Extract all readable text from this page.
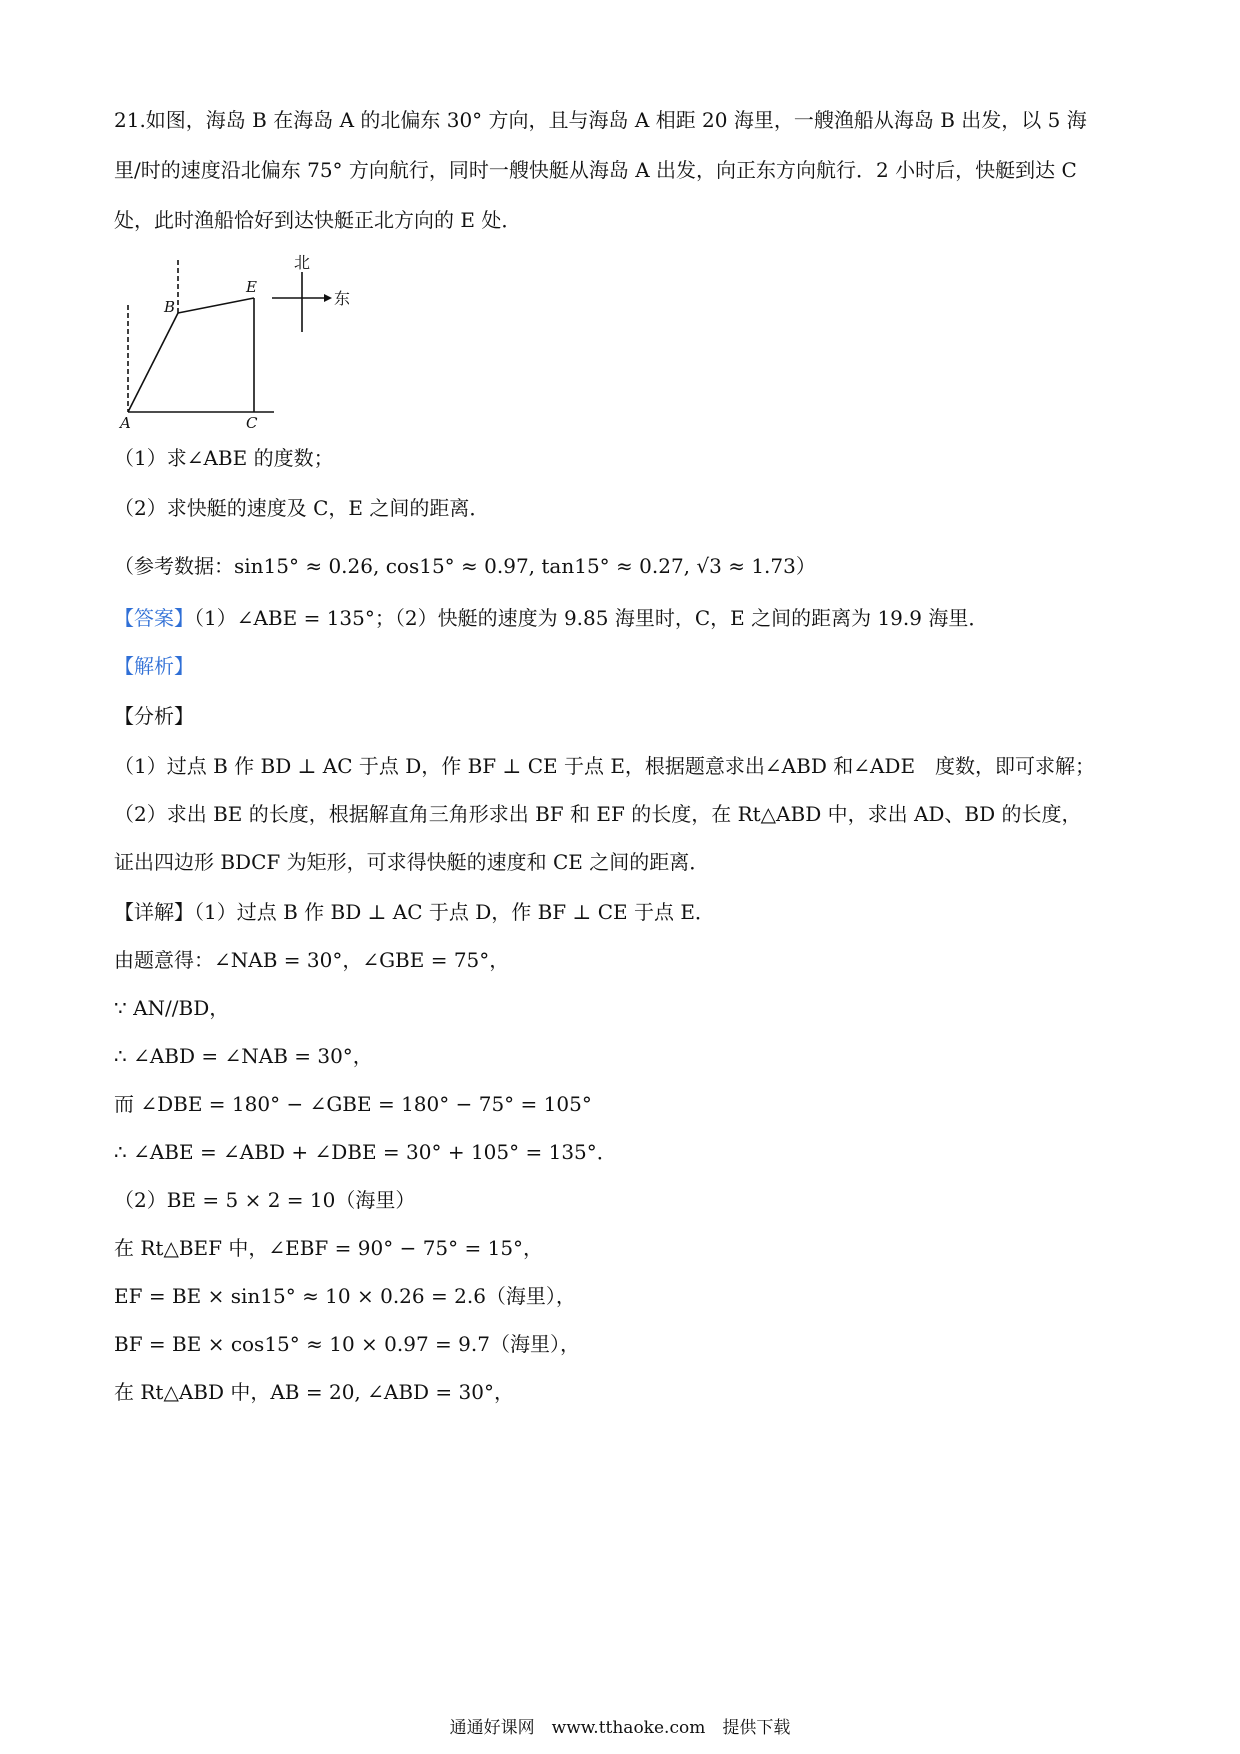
21.如图，海岛 B 在海岛 A 的北偏东 30° 方向，且与海岛 A 相距 20 海里，一艘渔船从海岛 B 出发，以 5 海
里/时的速度沿北偏东 75° 方向航行，同时一艘快艇从海岛 A 出发，向正东方向航行．2 小时后，快艇到达 C
处，此时渔船恰好到达快艇正北方向的 E 处．
A
B
C
E
北
东
（1）求∠ABE 的度数；
（2）求快艇的速度及 C，E 之间的距离．
（参考数据：sin15° ≈ 0.26, cos15° ≈ 0.97, tan15° ≈ 0.27, √3 ≈ 1.73）
【答案】（1）∠ABE = 135°；（2）快艇的速度为 9.85 海里时，C，E 之间的距离为 19.9 海里．
【解析】
【分析】
（1）过点 B 作 BD ⊥ AC 于点 D，作 BF ⊥ CE 于点 E，根据题意求出∠ABD 和∠ADE　度数，即可求解；
（2）求出 BE 的长度，根据解直角三角形求出 BF 和 EF 的长度，在 Rt△ABD 中，求出 AD、BD 的长度，
证出四边形 BDCF 为矩形，可求得快艇的速度和 CE 之间的距离．
【详解】（1）过点 B 作 BD ⊥ AC 于点 D，作 BF ⊥ CE 于点 E．
由题意得：∠NAB = 30°，∠GBE = 75°，
∵ AN//BD，
∴ ∠ABD = ∠NAB = 30°，
而 ∠DBE = 180° − ∠GBE = 180° − 75° = 105°
∴ ∠ABE = ∠ABD + ∠DBE = 30° + 105° = 135°．
（2）BE = 5 × 2 = 10（海里）
在 Rt△BEF 中，∠EBF = 90° − 75° = 15°，
EF = BE × sin15° ≈ 10 × 0.26 = 2.6（海里），
BF = BE × cos15° ≈ 10 × 0.97 = 9.7（海里），
在 Rt△ABD 中，AB = 20, ∠ABD = 30°，
通通好课网　www.tthaoke.com　提供下载
